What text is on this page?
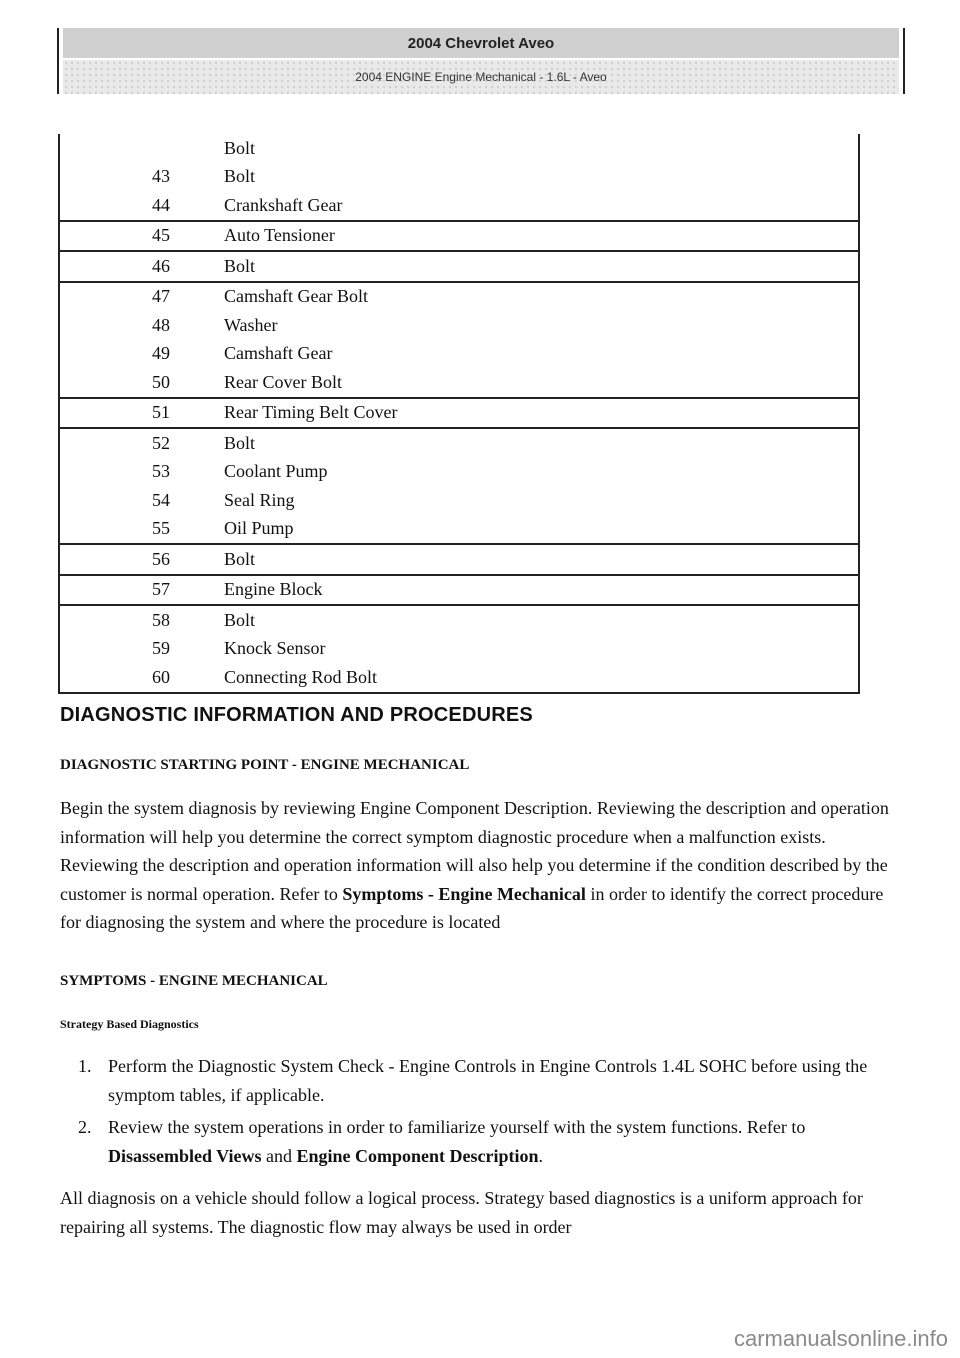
2004 Chevrolet Aveo
2004 ENGINE Engine Mechanical - 1.6L - Aveo
	Bolt
43	Bolt
44	Crankshaft Gear
45	Auto Tensioner
46	Bolt
47	Camshaft Gear Bolt
48	Washer
49	Camshaft Gear
50	Rear Cover Bolt
51	Rear Timing Belt Cover
52	Bolt
53	Coolant Pump
54	Seal Ring
55	Oil Pump
56	Bolt
57	Engine Block
58	Bolt
59	Knock Sensor
60	Connecting Rod Bolt
DIAGNOSTIC INFORMATION AND PROCEDURES
DIAGNOSTIC STARTING POINT - ENGINE MECHANICAL

Begin the system diagnosis by reviewing Engine Component Description. Reviewing the description and operation information will help you determine the correct symptom diagnostic procedure when a malfunction exists. Reviewing the description and operation information will also help you determine if the condition described by the customer is normal operation. Refer to Symptoms - Engine Mechanical in order to identify the correct procedure for diagnosing the system and where the procedure is located

SYMPTOMS - ENGINE MECHANICAL
Strategy Based Diagnostics
1. Perform the Diagnostic System Check - Engine Controls in Engine Controls 1.4L SOHC before using the symptom tables, if applicable.
2. Review the system operations in order to familiarize yourself with the system functions. Refer to Disassembled Views and Engine Component Description.

All diagnosis on a vehicle should follow a logical process. Strategy based diagnostics is a uniform approach for repairing all systems. The diagnostic flow may always be used in order

carmanualsonline.info
